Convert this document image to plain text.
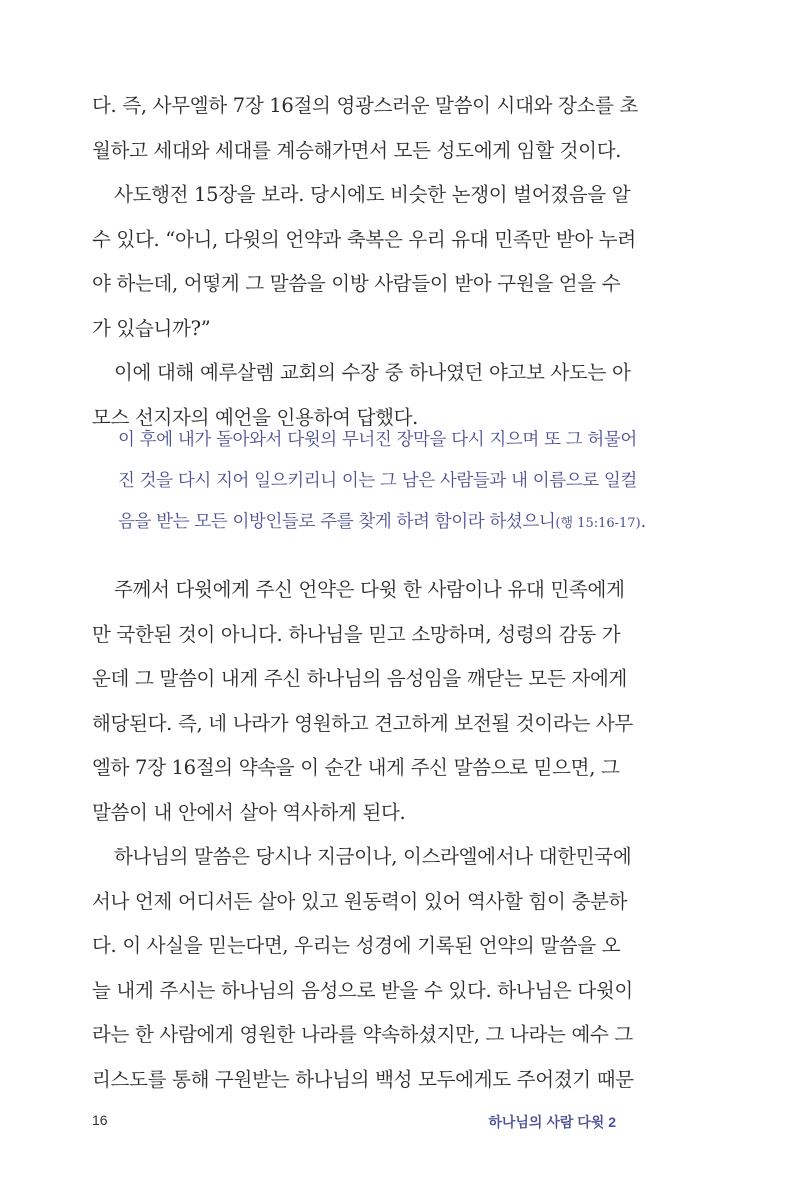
다. 즉, 사무엘하 7장 16절의 영광스러운 말씀이 시대와 장소를 초
월하고 세대와 세대를 계승해가면서 모든 성도에게 임할 것이다.
사도행전 15장을 보라. 당시에도 비슷한 논쟁이 벌어졌음을 알
수 있다. “아니, 다윗의 언약과 축복은 우리 유대 민족만 받아 누려
야 하는데, 어떻게 그 말씀을 이방 사람들이 받아 구원을 얻을 수
가 있습니까?”
이에 대해 예루살렘 교회의 수장 중 하나였던 야고보 사도는 아
모스 선지자의 예언을 인용하여 답했다.
이 후에 내가 돌아와서 다윗의 무너진 장막을 다시 지으며 또 그 허물어
진 것을 다시 지어 일으키리니 이는 그 남은 사람들과 내 이름으로 일컬
음을 받는 모든 이방인들로 주를 찾게 하려 함이라 하셨으니(행 15:16-17).
주께서 다윗에게 주신 언약은 다윗 한 사람이나 유대 민족에게
만 국한된 것이 아니다. 하나님을 믿고 소망하며, 성령의 감동 가
운데 그 말씀이 내게 주신 하나님의 음성임을 깨닫는 모든 자에게
해당된다. 즉, 네 나라가 영원하고 견고하게 보전될 것이라는 사무
엘하 7장 16절의 약속을 이 순간 내게 주신 말씀으로 믿으면, 그
말씀이 내 안에서 살아 역사하게 된다.
하나님의 말씀은 당시나 지금이나, 이스라엘에서나 대한민국에
서나 언제 어디서든 살아 있고 원동력이 있어 역사할 힘이 충분하
다. 이 사실을 믿는다면, 우리는 성경에 기록된 언약의 말씀을 오
늘 내게 주시는 하나님의 음성으로 받을 수 있다. 하나님은 다윗이
라는 한 사람에게 영원한 나라를 약속하셨지만, 그 나라는 예수 그
리스도를 통해 구원받는 하나님의 백성 모두에게도 주어졌기 때문
16	하나님의 사람 다윗 2
